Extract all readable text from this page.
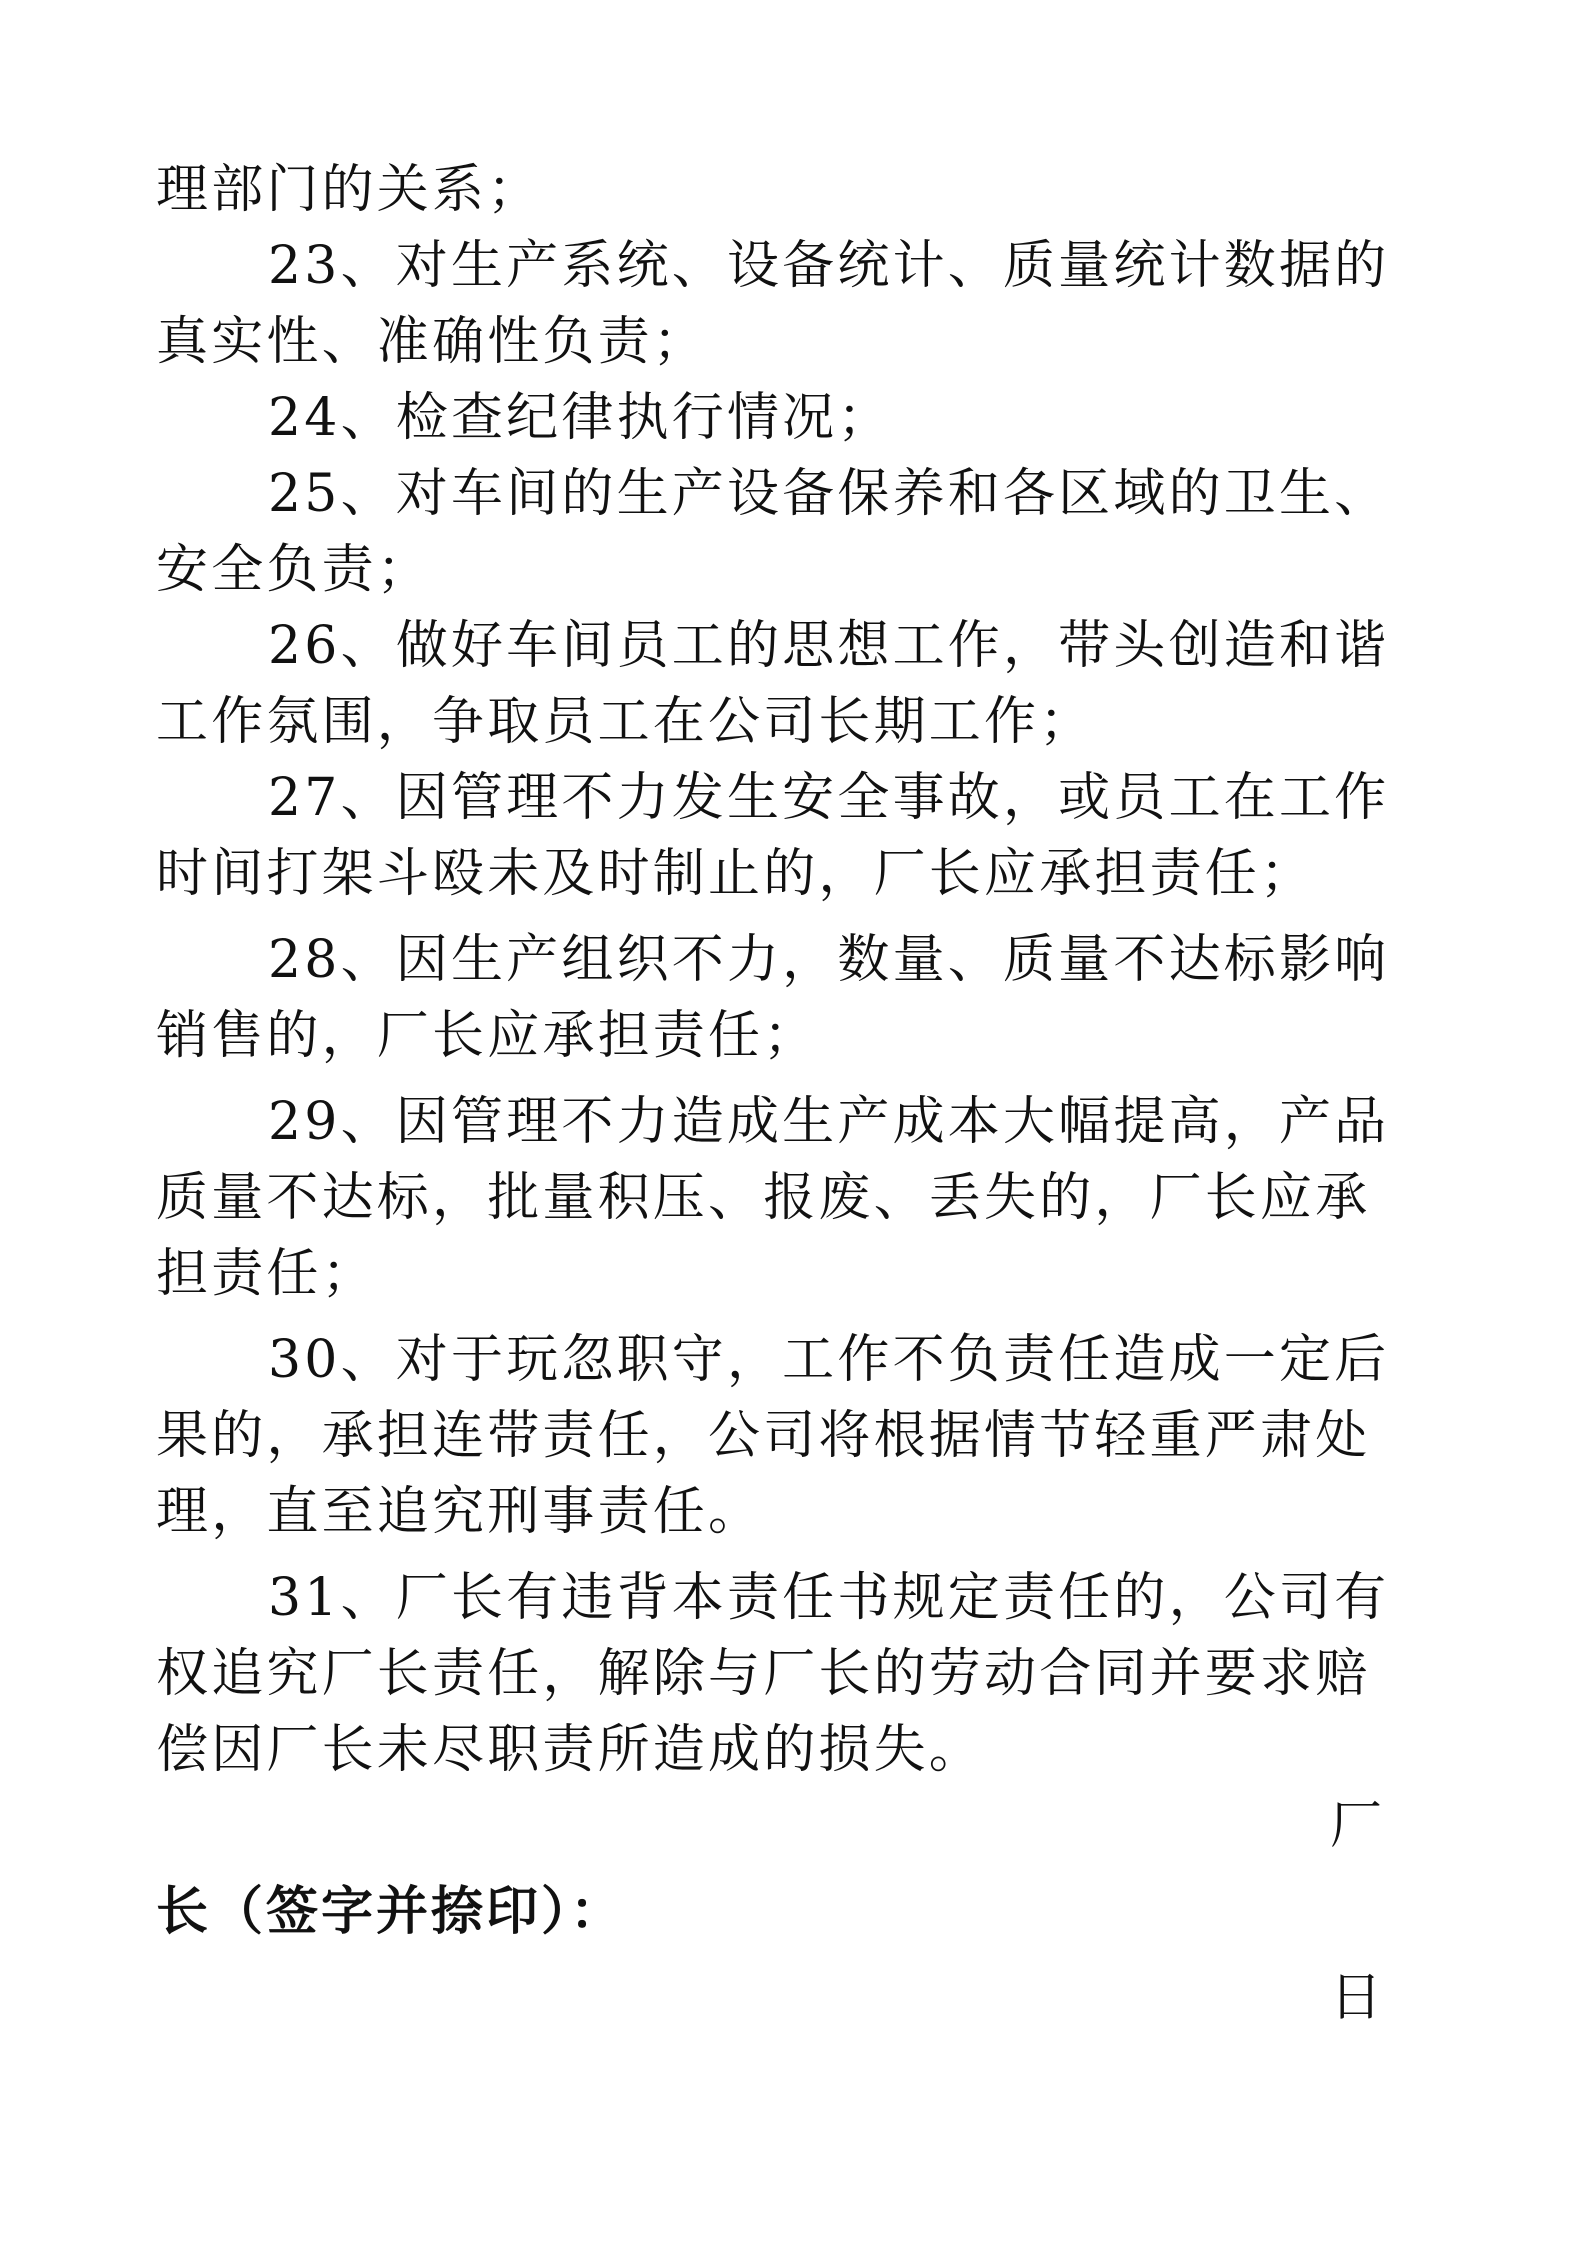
理部门的关系；
23、对生产系统、设备统计、质量统计数据的
真实性、准确性负责；
24、检查纪律执行情况；
25、对车间的生产设备保养和各区域的卫生、
安全负责；
26、做好车间员工的思想工作，带头创造和谐
工作氛围，争取员工在公司长期工作；
27、因管理不力发生安全事故，或员工在工作
时间打架斗殴未及时制止的，厂长应承担责任；
28、因生产组织不力，数量、质量不达标影响
销售的，厂长应承担责任；
29、因管理不力造成生产成本大幅提高，产品
质量不达标，批量积压、报废、丢失的，厂长应承
担责任；
30、对于玩忽职守，工作不负责任造成一定后
果的，承担连带责任，公司将根据情节轻重严肃处
理，直至追究刑事责任。
31、厂长有违背本责任书规定责任的，公司有
权追究厂长责任，解除与厂长的劳动合同并要求赔
偿因厂长未尽职责所造成的损失。
厂
长（签字并捺印）：
日
